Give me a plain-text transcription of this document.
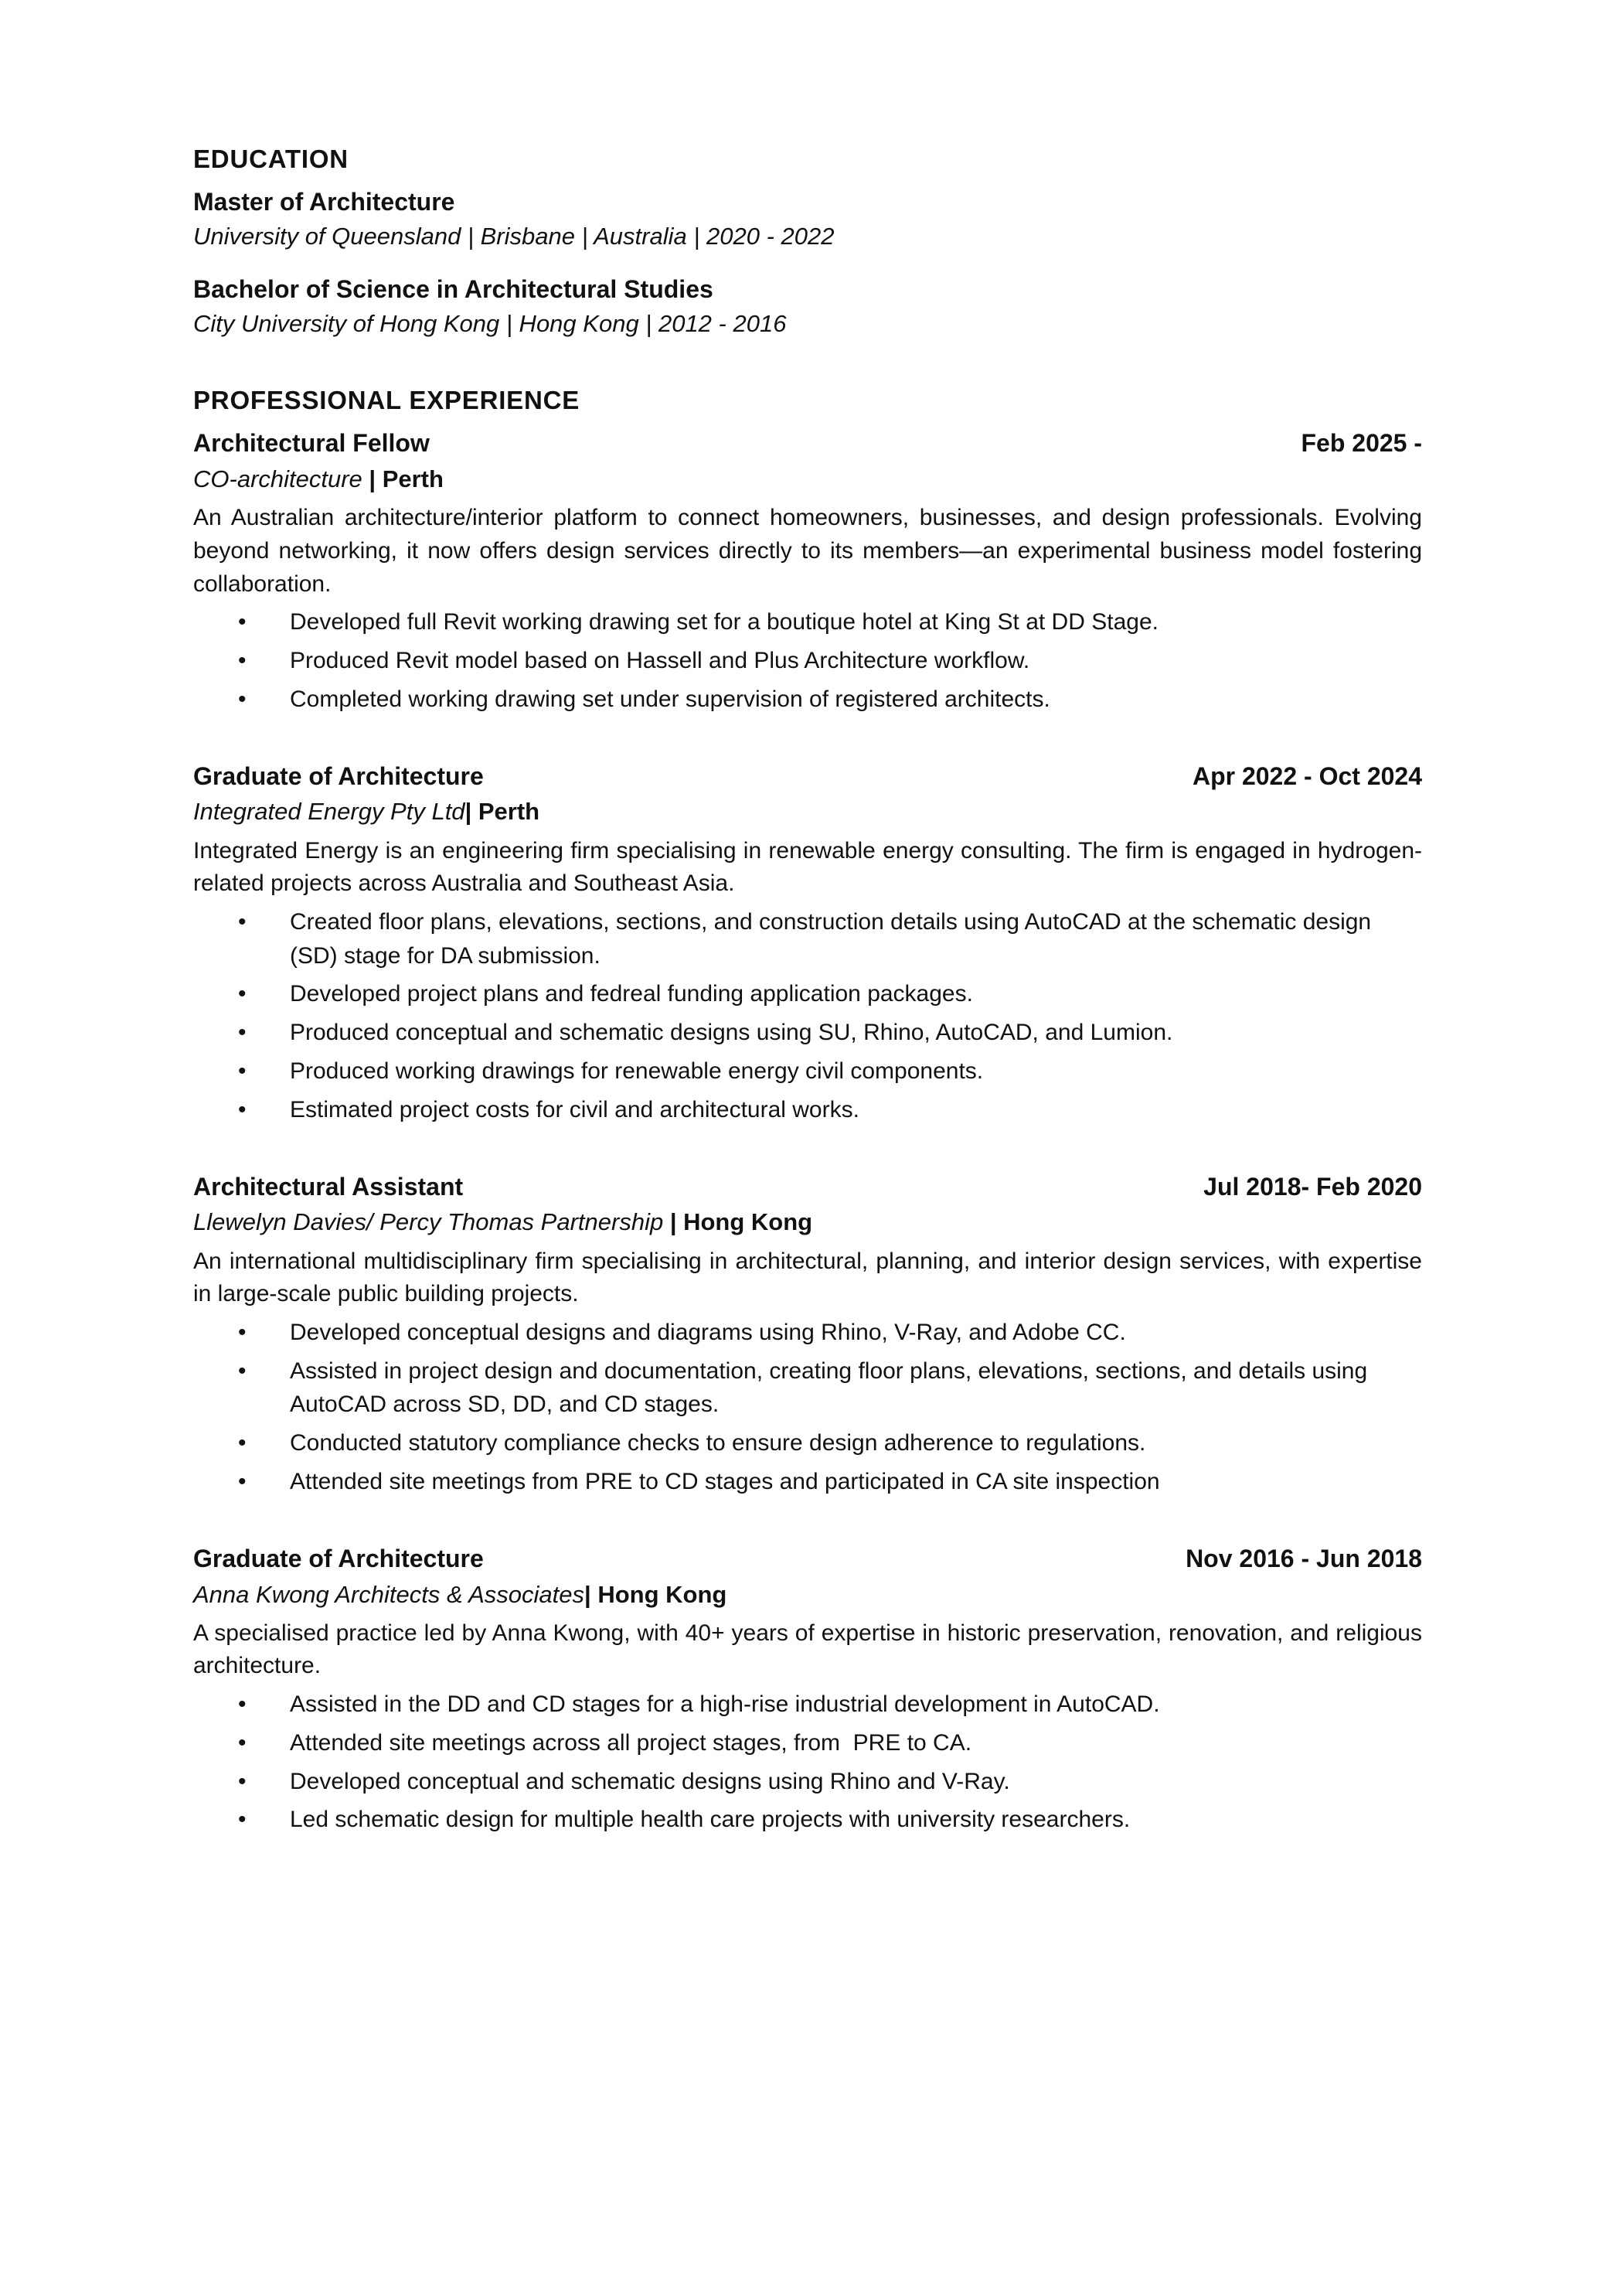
EDUCATION
Master of Architecture
University of Queensland | Brisbane | Australia | 2020 - 2022
Bachelor of Science in Architectural Studies
City University of Hong Kong | Hong Kong | 2012 - 2016
PROFESSIONAL EXPERIENCE
Architectural Fellow	Feb 2025 -
CO-architecture | Perth

An Australian architecture/interior platform to connect homeowners, businesses, and design professionals. Evolving beyond networking, it now offers design services directly to its members—an experimental business model fostering collaboration.

• Developed full Revit working drawing set for a boutique hotel at King St at DD Stage.
• Produced Revit model based on Hassell and Plus Architecture workflow.
• Completed working drawing set under supervision of registered architects.
Graduate of Architecture	Apr 2022 - Oct 2024
Integrated Energy Pty Ltd| Perth

Integrated Energy is an engineering firm specialising in renewable energy consulting. The firm is engaged in hydrogen-related projects across Australia and Southeast Asia.

• Created floor plans, elevations, sections, and construction details using AutoCAD at the schematic design (SD) stage for DA submission.
• Developed project plans and fedreal funding application packages.
• Produced conceptual and schematic designs using SU, Rhino, AutoCAD, and Lumion.
• Produced working drawings for renewable energy civil components.
• Estimated project costs for civil and architectural works.
Architectural Assistant	Jul 2018- Feb 2020
Llewelyn Davies/ Percy Thomas Partnership | Hong Kong

An international multidisciplinary firm specialising in architectural, planning, and interior design services, with expertise in large-scale public building projects.

• Developed conceptual designs and diagrams using Rhino, V-Ray, and Adobe CC.
• Assisted in project design and documentation, creating floor plans, elevations, sections, and details using AutoCAD across SD, DD, and CD stages.
• Conducted statutory compliance checks to ensure design adherence to regulations.
• Attended site meetings from PRE to CD stages and participated in CA site inspection
Graduate of Architecture	Nov 2016 - Jun 2018
Anna Kwong Architects & Associates| Hong Kong

A specialised practice led by Anna Kwong, with 40+ years of expertise in historic preservation, renovation, and religious architecture.

• Assisted in the DD and CD stages for a high-rise industrial development in AutoCAD.
• Attended site meetings across all project stages, from  PRE to CA.
• Developed conceptual and schematic designs using Rhino and V-Ray.
• Led schematic design for multiple health care projects with university researchers.
